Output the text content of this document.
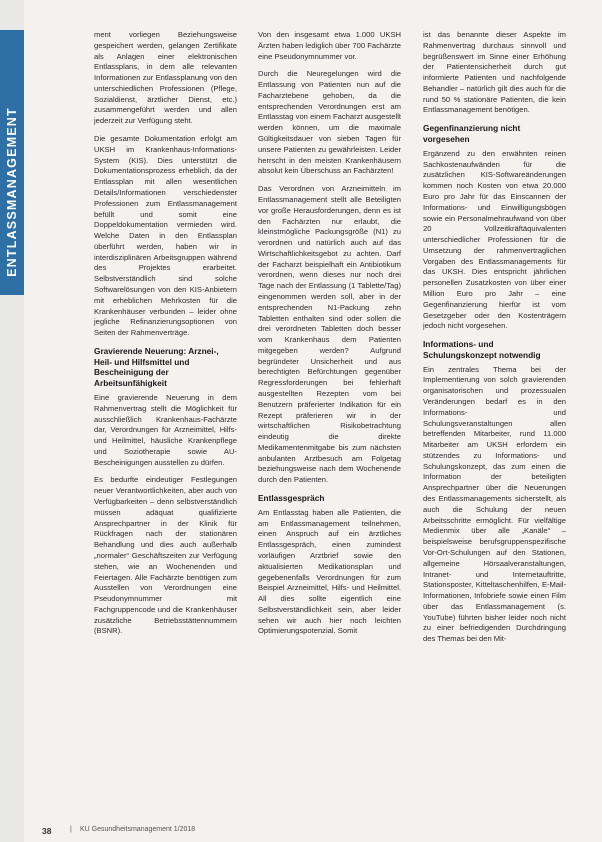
ENTLASSMANAGEMENT

ment vorliegen Beziehungsweise gespeichert werden, gelangen Zertifikate als Anlagen einer elektronischen Entlassplans, in dem alle relevanten Informationen zur Entlassplanung von den unterschiedlichen Professionen (Pflege, Sozialdienst, ärztlicher Dienst, etc.) zusammengeführt werden und allen jederzeit zur Verfügung steht.

Die gesamte Dokumentation erfolgt am UKSH im Krankenhaus-Informations-System (KIS). Dies unterstützt die Dokumentationsprozess erheblich, da der Entlassplan mit allen wesentlichen Details/Informationen verschiedenster Professionen zum Entlassmanagement befüllt und somit eine Doppeldokumentation vermieden wird. Welche Daten in den Entlassplan überführt werden, haben wir in interdisziplinären Arbeitsgruppen während des Projektes erarbeitet. Selbstverständlich sind solche Softwarelösungen von den KIS-Anbietern mit erheblichen Mehrkosten für die Krankenhäuser verbunden – leider ohne jegliche Refinanzierungsoptionen von Seiten der Rahmenverträge.

Gravierende Neuerung: Arznei-, Heil- und Hilfsmittel und Bescheinigung der Arbeitsunfähigkeit

Eine gravierende Neuerung in dem Rahmenvertrag stellt die Möglichkeit für ausschließlich Krankenhaus-Fachärzte dar, Verordnungen für Arzneimittel, Hilfs- und Heilmittel, häusliche Krankenpflege und Soziotherapie sowie AU-Bescheinigungen ausstellen zu dürfen.

Es bedurfte eindeutiger Festlegungen neuer Verantwortlichkeiten, aber auch von Verfügbarkeiten – denn selbstverständlich müssen adäquat qualifizierte Ansprechpartner in der Klinik für Rückfragen nach der stationären Behandlung und dies auch außerhalb „normaler“ Geschäftszeiten zur Verfügung stehen, wie an Wochenenden und Feiertagen. Alle Fachärzte benötigen zum Ausstellen von Verordnungen eine Pseudonymnummer mit Fachgruppencode und die Krankenhäuser zusätzliche Betriebsstättennummern (BSNR).

Von den insgesamt etwa 1.000 UKSH Ärzten haben lediglich über 700 Fachärzte eine Pseudonymnummer vor.

Durch die Neuregelungen wird die Entlassung von Patienten nun auf die Facharztebene gehoben, da die entsprechenden Verordnungen erst am Entlasstag von einem Facharzt ausgestellt werden können, um die maximale Gültigkeitsdauer von sieben Tagen für unsere Patienten zu gewährleisten. Leider herrscht in den meisten Krankenhäusern absolut kein Überschuss an Fachärzten!

Das Verordnen von Arzneimitteln im Entlassmanagement stellt alle Beteiligten vor große Herausforderungen, denn es ist den Fachärzten nur erlaubt, die kleinstmögliche Packungsgröße (N1) zu verordnen und natürlich auch auf das Wirtschaftlichkeitsgebot zu achten. Darf der Facharzt beispielhaft ein Antibiotikum verordnen, wenn dieses nur noch drei Tage nach der Entlassung (1 Tablette/Tag) eingenommen werden soll, aber in der entsprechenden N1-Packung zehn Tabletten enthalten sind oder sollen die drei verordneten Tabletten doch besser vom Krankenhaus dem Patienten mitgegeben werden? Aufgrund begründeter Unsicherheit und aus berechtigten Befürchtungen gegenüber Regressforderungen bei fehlerhaft ausgestellten Rezepten vom bei Benutzern präferierter Indikation für ein Rezept präferieren wir in der wirtschaftlichen Risikobetrachtung eindeutig die direkte Medikamentenmitgabe bis zum nächsten anbulanten Arztbesuch am Folgetag beziehungsweise nach dem Wochenende durch den Patienten.

Entlassgespräch

Am Entlasstag haben alle Patienten, die am Entlassmanagement teilnehmen, einen Anspruch auf ein ärztliches Entlassgespräch, einen zumindest vorläufigen Arztbrief sowie den aktualisierten Medikationsplan und gegebenenfalls Verordnungen für zum Beispiel Arzneimittel, Hilfs- und Heilmittel. All dies sollte eigentlich eine Selbstverständlichkeit sein, aber leider sehen wir auch hier noch leichten Optimierungspotenzial. Somit

ist das benannte dieser Aspekte im Rahmenvertrag durchaus sinnvoll und begrüßenswert im Sinne einer Erhöhung der Patientensicherheit durch gut informierte Patienten und nachfolgende Behandler – natürlich gilt dies auch für die rund 50 % stationäre Patienten, die kein Entlassmanagement benötigen.

Gegenfinanzierung nicht vorgesehen

Ergänzend zu den erwähnten reinen Sachkostenaufwänden für die zusätzlichen KIS-Softwareänderungen kommen noch Kosten von etwa 20.000 Euro pro Jahr für das Einscannen der Informations- und Einwilligungsbögen sowie ein Personalmehraufwand von über 20 Vollzeitkräftäquivalenten unterschiedlicher Professionen für die Umsetzung der rahmenvertraglichen Vorgaben des Entlassmanagements für das UKSH. Dies entspricht jährlichen personellen Zusatzkosten von über einer Million Euro pro Jahr – eine Gegenfinanzierung hierfür ist vom Gesetzgeber oder den Kostenträgern jedoch nicht vorgesehen.

Informations- und Schulungskonzept notwendig

Ein zentrales Thema bei der Implementierung von solch gravierenden organisatorischen und prozessualen Veränderungen bedarf es in den Informations- und Schulungsveranstaltungen allen betreffenden Mitarbeiter, rund 11.000 Mitarbeiter am UKSH erfordern ein stützendes zu Informations- und Schulungskonzept, das zum einen die Information der beteiligten Ansprechpartner über die Neuerungen des Entlassmanagements sicherstellt, als auch die Schulung der neuen Arbeitsschritte ermöglicht. Für vielfältige Medienmix über alle „Kanäle“ – beispielsweise berufsgruppenspezifische Vor-Ort-Schulungen auf den Stationen, allgemeine Hörsaalveranstaltungen, Intranet- und Internetauftritte, Stationsposter, Kitteltaschenhilfen, E-Mail-Informationen, Infobriefe sowie einen Film über das Entlassmanagement (s. YouTube) führten bisher leider noch nicht zu einer befriedigenden Durchdringung des Themas bei den Mit-

38	| KU Gesundheitsmanagement 1/2018
